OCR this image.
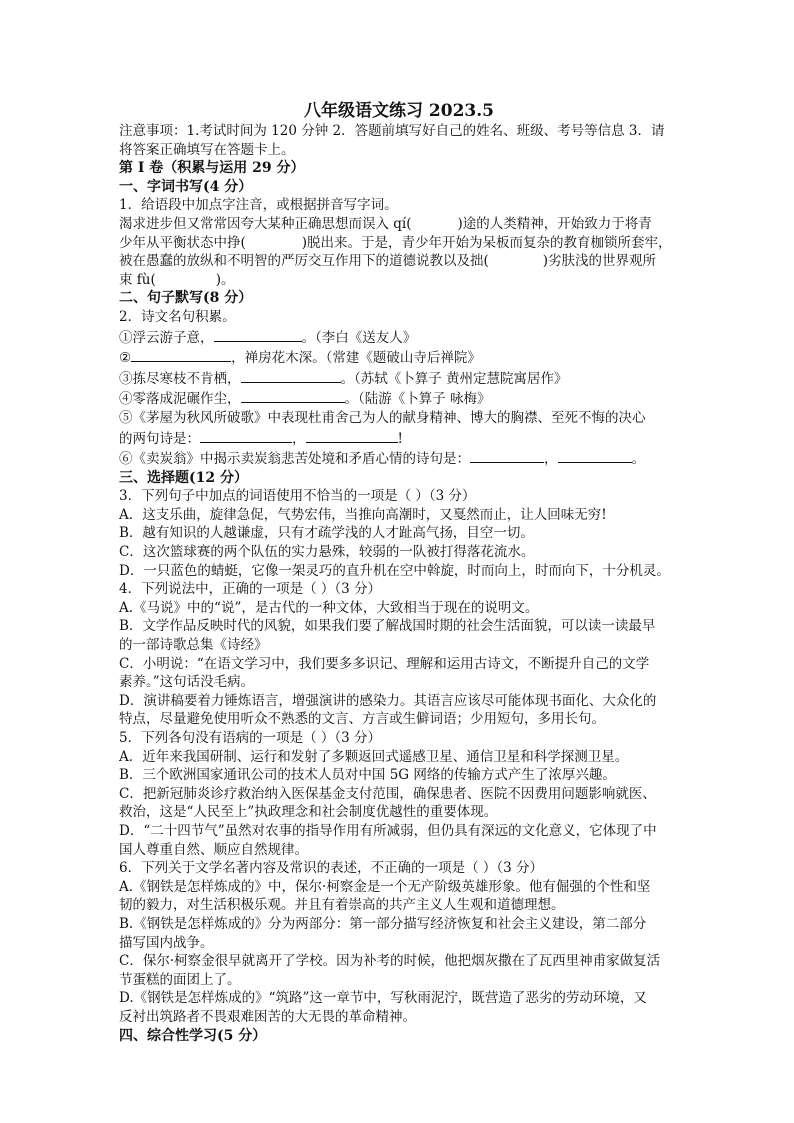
八年级语文练习 2023.5
注意事项：1.考试时间为 120 分钟 2．答题前填写好自己的姓名、班级、考号等信息 3．请
将答案正确填写在答题卡上。
第 I 卷（积累与运用 29 分）
一、字词书写(4 分）
1．给语段中加点字注音，或根据拼音写字词。
渴求进步但又常常因夸大某种正确思想而误入 qí(	)途的人类精神，开始致力于将青
少年从平衡状态中挣(	)脱出来。于是，青少年开始为呆板而复杂的教育枷锁所套牢，
被在愚蠢的放纵和不明智的严厉交互作用下的道德说教以及拙(	)劣肤浅的世界观所
束 fù(	)。
二、句子默写(8 分）
2．诗文名句积累。
①浮云游子意，	。（李白《送友人》
②	，禅房花木深。（常建《题破山寺后禅院》
③拣尽寒枝不肯栖，	。（苏轼《卜算子 黄州定慧院寓居作》
④零落成泥碾作尘，	。（陆游《卜算子 咏梅》
⑤《茅屋为秋风所破歌》中表现杜甫舍己为人的献身精神、博大的胸襟、至死不悔的决心
的两句诗是：	，	!
⑥《卖炭翁》中揭示卖炭翁悲苦处境和矛盾心情的诗句是：	，	。
三、选择题(12 分）
3．下列句子中加点的词语使用不恰当的一项是（ ）（3 分）
A．这支乐曲，旋律急促，气势宏伟，当推向高潮时，又戛然而止，让人回味无穷!
B．越有知识的人越谦虚，只有才疏学浅的人才趾高气扬，目空一切。
C．这次篮球赛的两个队伍的实力悬殊，较弱的一队被打得落花流水。
D．一只蓝色的蜻蜓，它像一架灵巧的直升机在空中斡旋，时而向上，时而向下，十分机灵。
4．下列说法中，正确的一项是（ ）（3 分）
A.《马说》中的“说”，是古代的一种文体，大致相当于现在的说明文。
B．文学作品反映时代的风貌，如果我们要了解战国时期的社会生活面貌，可以读一读最早
的一部诗歌总集《诗经》
C．小明说：“在语文学习中，我们要多多识记、理解和运用古诗文，不断提升自己的文学
素养。”这句话没毛病。
D．演讲稿要着力锤炼语言，增强演讲的感染力。其语言应该尽可能体现书面化、大众化的
特点，尽量避免使用听众不熟悉的文言、方言或生僻词语；少用短句，多用长句。
5．下列各句没有语病的一项是（ ）（3 分）
A．近年来我国研制、运行和发射了多颗返回式遥感卫星、通信卫星和科学探测卫星。
B．三个欧洲国家通讯公司的技术人员对中国 5G 网络的传输方式产生了浓厚兴趣。
C．把新冠肺炎诊疗救治纳入医保基金支付范围，确保患者、医院不因费用问题影响就医、
救治，这是“人民至上”执政理念和社会制度优越性的重要体现。
D．“二十四节气”虽然对农事的指导作用有所减弱，但仍具有深远的文化意义，它体现了中
国人尊重自然、顺应自然规律。
6．下列关于文学名著内容及常识的表述，不正确的一项是（ ）（3 分）
A.《钢铁是怎样炼成的》中，保尔·柯察金是一个无产阶级英雄形象。他有倔强的个性和坚
韧的毅力，对生活积极乐观。并且有着崇高的共产主义人生观和道德理想。
B.《钢铁是怎样炼成的》分为两部分：第一部分描写经济恢复和社会主义建设，第二部分
描写国内战争。
C．保尔·柯察金很早就离开了学校。因为补考的时候，他把烟灰撒在了瓦西里神甫家做复活
节蛋糕的面团上了。
D.《钢铁是怎样炼成的》“筑路”这一章节中，写秋雨泥泞，既营造了恶劣的劳动环境，又
反衬出筑路者不畏艰难困苦的大无畏的革命精神。
四、综合性学习(5 分）
